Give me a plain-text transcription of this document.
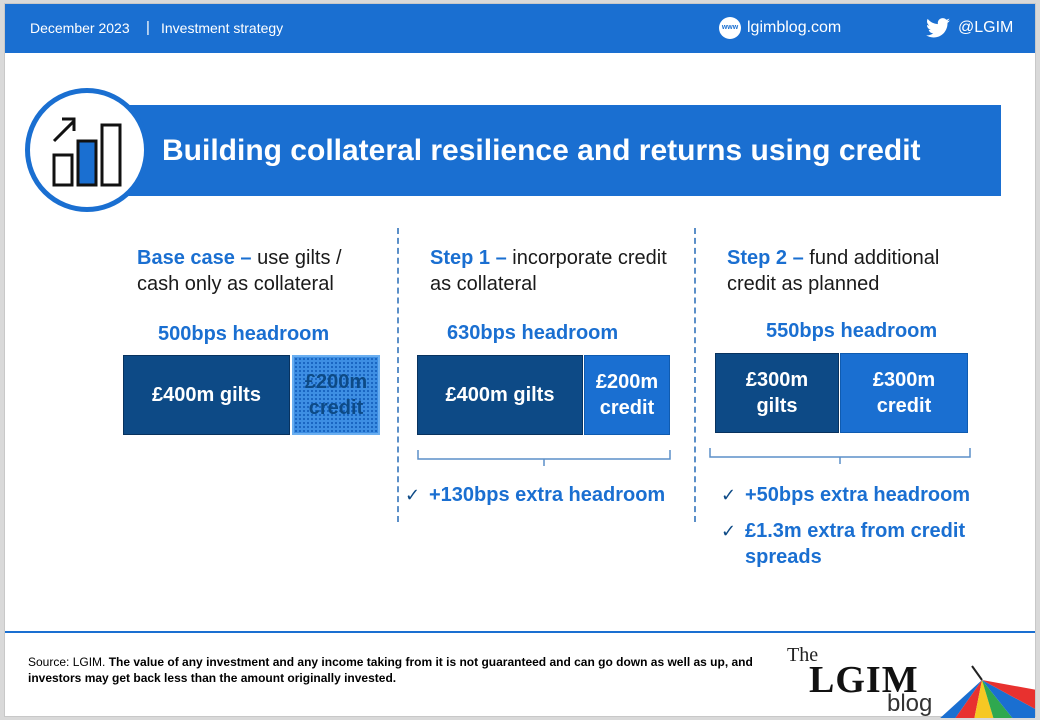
December 2023 | Investment strategy	www lgimblog.com	@LGIM
Building collateral resilience and returns using credit
Base case – use gilts / cash only as collateral
500bps headroom
£400m gilts
£200m credit
Step 1 – incorporate credit as collateral
630bps headroom
£400m gilts
£200m credit
✓ +130bps extra headroom
Step 2 – fund additional credit as planned
550bps headroom
£300m gilts
£300m credit
✓ +50bps extra headroom
✓ £1.3m extra from credit spreads
Source: LGIM. The value of any investment and any income taking from it is not guaranteed and can go down as well as up, and investors may get back less than the amount originally invested.
The
LGIM
blog
